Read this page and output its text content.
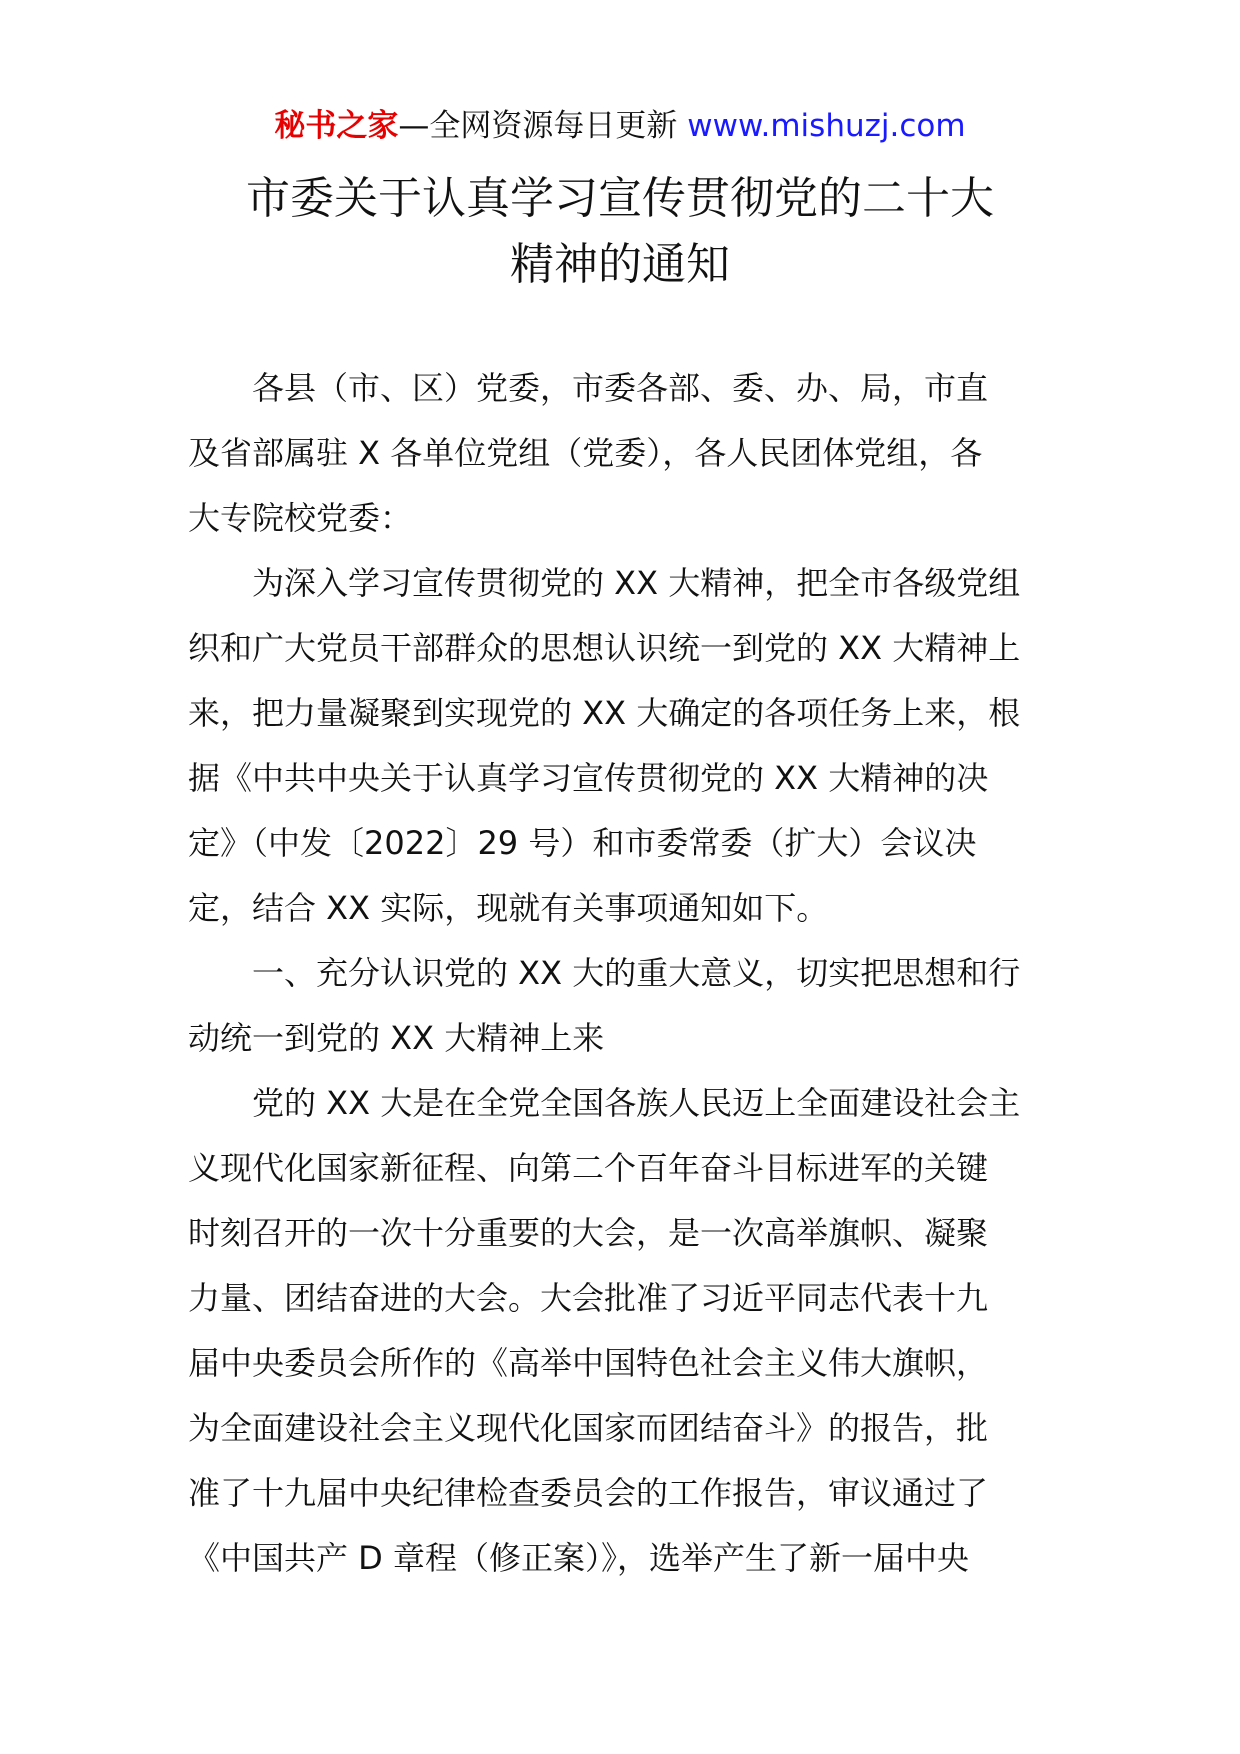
秘书之家—全网资源每日更新 www.mishuzj.com
市委关于认真学习宣传贯彻党的二十大
精神的通知

各县（市、区）党委，市委各部、委、办、局，市直
及省部属驻 X 各单位党组（党委），各人民团体党组，各
大专院校党委：

为深入学习宣传贯彻党的 XX 大精神，把全市各级党组
织和广大党员干部群众的思想认识统一到党的 XX 大精神上
来，把力量凝聚到实现党的 XX 大确定的各项任务上来，根
据《中共中央关于认真学习宣传贯彻党的 XX 大精神的决
定》（中发〔2022〕29 号）和市委常委（扩大）会议决
定，结合 XX 实际，现就有关事项通知如下。

一、充分认识党的 XX 大的重大意义，切实把思想和行
动统一到党的 XX 大精神上来

党的 XX 大是在全党全国各族人民迈上全面建设社会主
义现代化国家新征程、向第二个百年奋斗目标进军的关键
时刻召开的一次十分重要的大会，是一次高举旗帜、凝聚
力量、团结奋进的大会。大会批准了习近平同志代表十九
届中央委员会所作的《高举中国特色社会主义伟大旗帜，
为全面建设社会主义现代化国家而团结奋斗》的报告，批
准了十九届中央纪律检查委员会的工作报告，审议通过了
《中国共产 D 章程（修正案）》，选举产生了新一届中央
